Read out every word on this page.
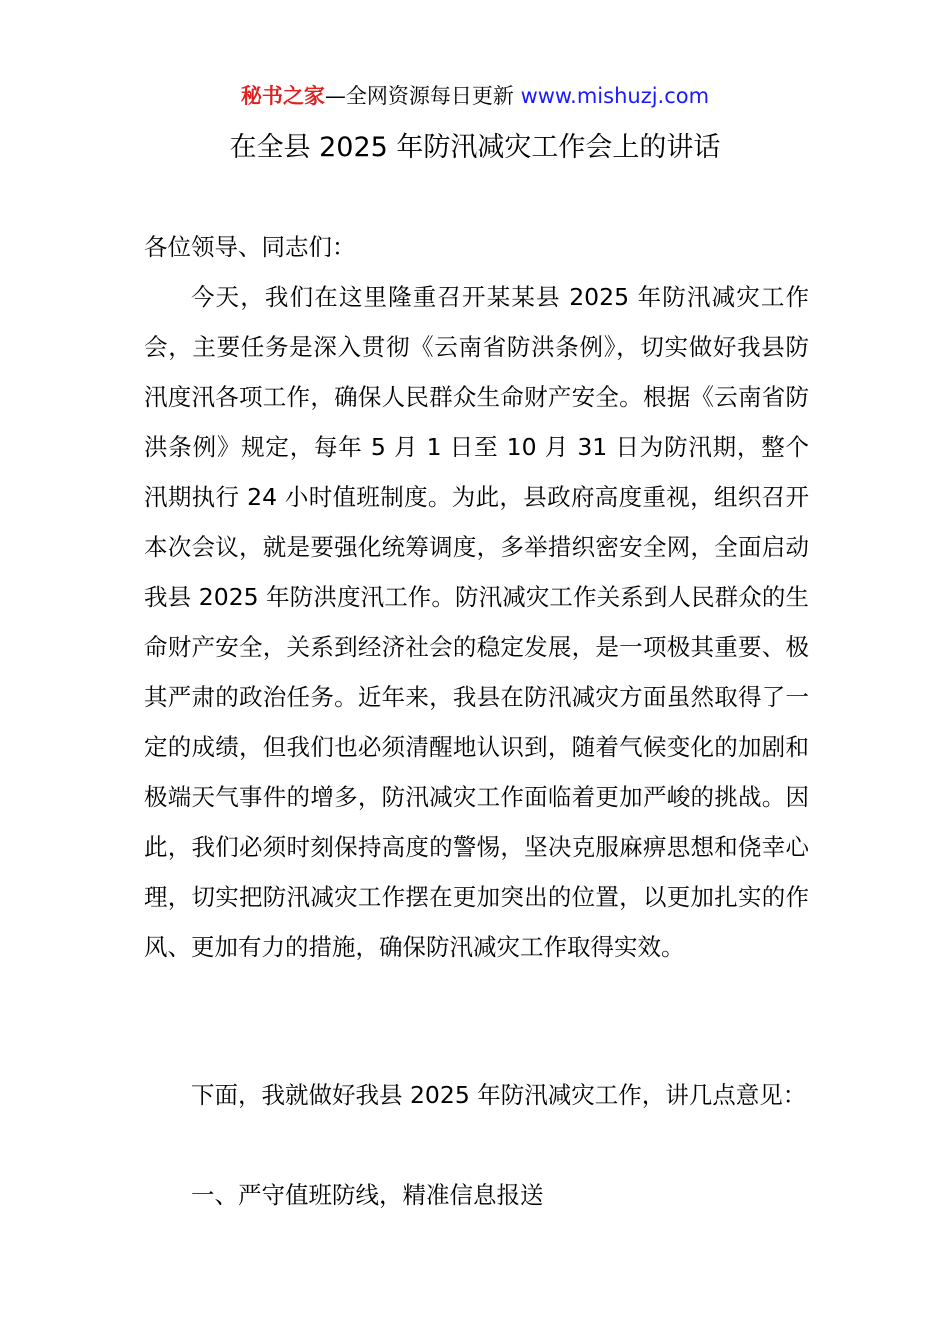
秘书之家—全网资源每日更新 www.mishuzj.com
在全县 2025 年防汛减灾工作会上的讲话
各位领导、同志们：

今天，我们在这里隆重召开某某县 2025 年防汛减灾工作会，主要任务是深入贯彻《云南省防洪条例》，切实做好我县防汛度汛各项工作，确保人民群众生命财产安全。根据《云南省防洪条例》规定，每年 5 月 1 日至 10 月 31 日为防汛期，整个汛期执行 24 小时值班制度。为此，县政府高度重视，组织召开本次会议，就是要强化统筹调度，多举措织密安全网，全面启动我县 2025 年防洪度汛工作。防汛减灾工作关系到人民群众的生命财产安全，关系到经济社会的稳定发展，是一项极其重要、极其严肃的政治任务。近年来，我县在防汛减灾方面虽然取得了一定的成绩，但我们也必须清醒地认识到，随着气候变化的加剧和极端天气事件的增多，防汛减灾工作面临着更加严峻的挑战。因此，我们必须时刻保持高度的警惕，坚决克服麻痹思想和侥幸心理，切实把防汛减灾工作摆在更加突出的位置，以更加扎实的作风、更加有力的措施，确保防汛减灾工作取得实效。

下面，我就做好我县 2025 年防汛减灾工作，讲几点意见：

一、严守值班防线，精准信息报送
